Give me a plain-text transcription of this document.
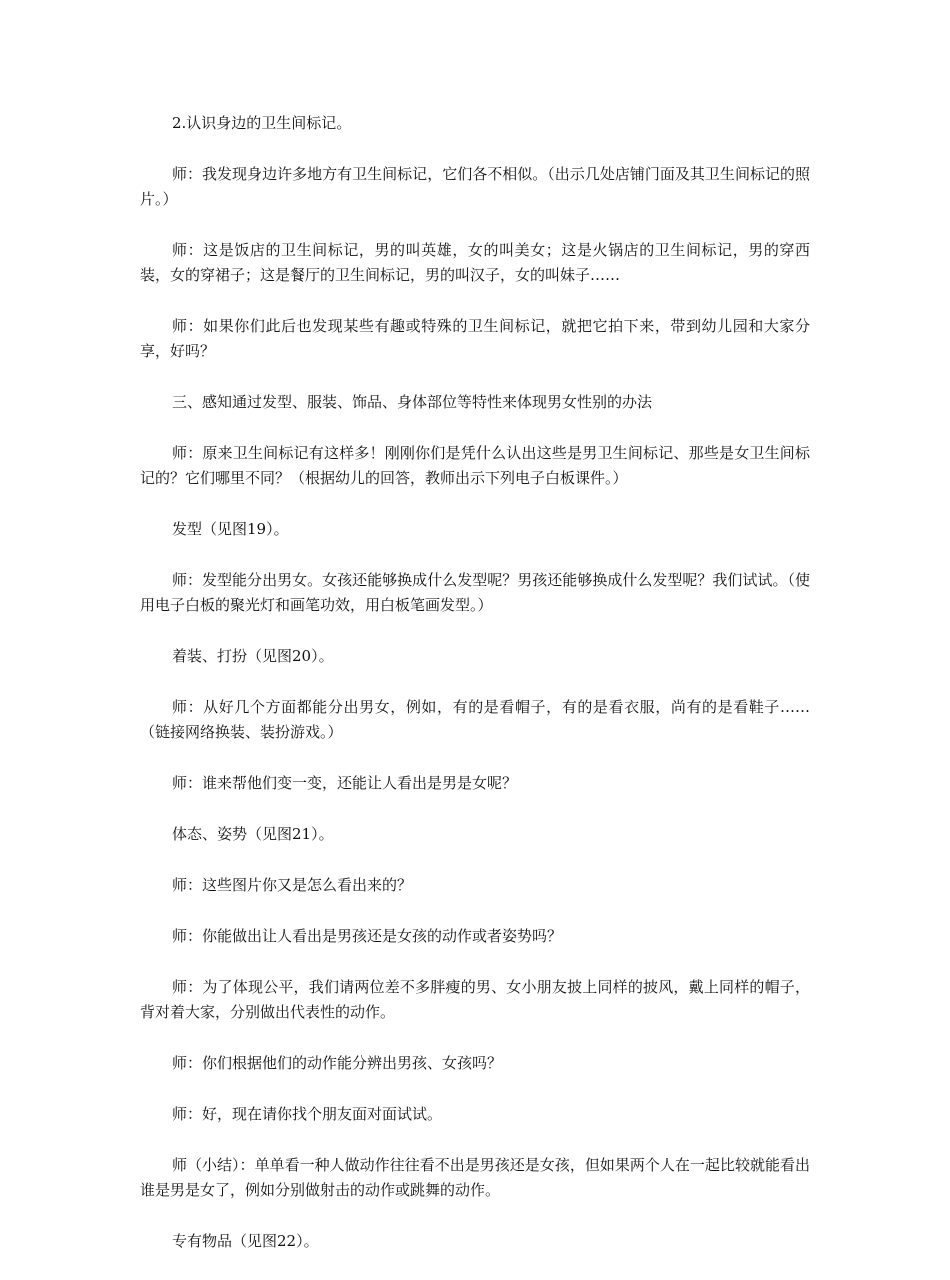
2.认识身边的卫生间标记。

师：我发现身边许多地方有卫生间标记，它们各不相似。（出示几处店铺门面及其卫生间标记的照片。）

师：这是饭店的卫生间标记，男的叫英雄，女的叫美女；这是火锅店的卫生间标记，男的穿西装，女的穿裙子；这是餐厅的卫生间标记，男的叫汉子，女的叫妹子……

师：如果你们此后也发现某些有趣或特殊的卫生间标记，就把它拍下来，带到幼儿园和大家分享，好吗？

三、感知通过发型、服装、饰品、身体部位等特性来体现男女性别的办法

师：原来卫生间标记有这样多！刚刚你们是凭什么认出这些是男卫生间标记、那些是女卫生间标记的？它们哪里不同？（根据幼儿的回答，教师出示下列电子白板课件。）

发型（见图19）。

师：发型能分出男女。女孩还能够换成什么发型呢？男孩还能够换成什么发型呢？我们试试。（使用电子白板的聚光灯和画笔功效，用白板笔画发型。）

着装、打扮（见图20）。

师：从好几个方面都能分出男女，例如，有的是看帽子，有的是看衣服，尚有的是看鞋子……（链接网络换装、装扮游戏。）

师：谁来帮他们变一变，还能让人看出是男是女呢？

体态、姿势（见图21）。

师：这些图片你又是怎么看出来的？

师：你能做出让人看出是男孩还是女孩的动作或者姿势吗？

师：为了体现公平，我们请两位差不多胖瘦的男、女小朋友披上同样的披风，戴上同样的帽子，背对着大家，分别做出代表性的动作。

师：你们根据他们的动作能分辨出男孩、女孩吗？

师：好，现在请你找个朋友面对面试试。

师（小结）：单单看一种人做动作往往看不出是男孩还是女孩，但如果两个人在一起比较就能看出谁是男是女了，例如分别做射击的动作或跳舞的动作。

专有物品（见图22）。
